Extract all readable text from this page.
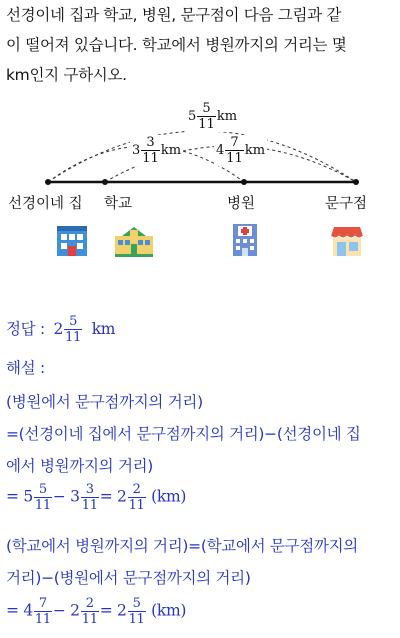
선경이네 집과 학교, 병원, 문구점이 다음 그림과 같
이 떨어져 있습니다. 학교에서 병원까지의 거리는 몇
km인지 구하시오.
$5 \frac{5}{11}$ km
$3 \frac{3}{11}$ km	$4 \frac{7}{11}$ km
선경이네 집 학교	병원	문구점
정답 : $2 \frac{5}{11}$ km
해설 :
(병원에서 문구점까지의 거리)
=(선경이네 집에서 문구점까지의 거리)−(선경이네 집
에서 병원까지의 거리)
= $5 \frac{5}{11} - 3 \frac{3}{11} = 2 \frac{2}{11} (km)$
(학교에서 병원까지의 거리)=(학교에서 문구점까지의
거리)−(병원에서 문구점까지의 거리)
= $4 \frac{7}{11} - 2 \frac{2}{11} = 2 \frac{5}{11} (km)$
